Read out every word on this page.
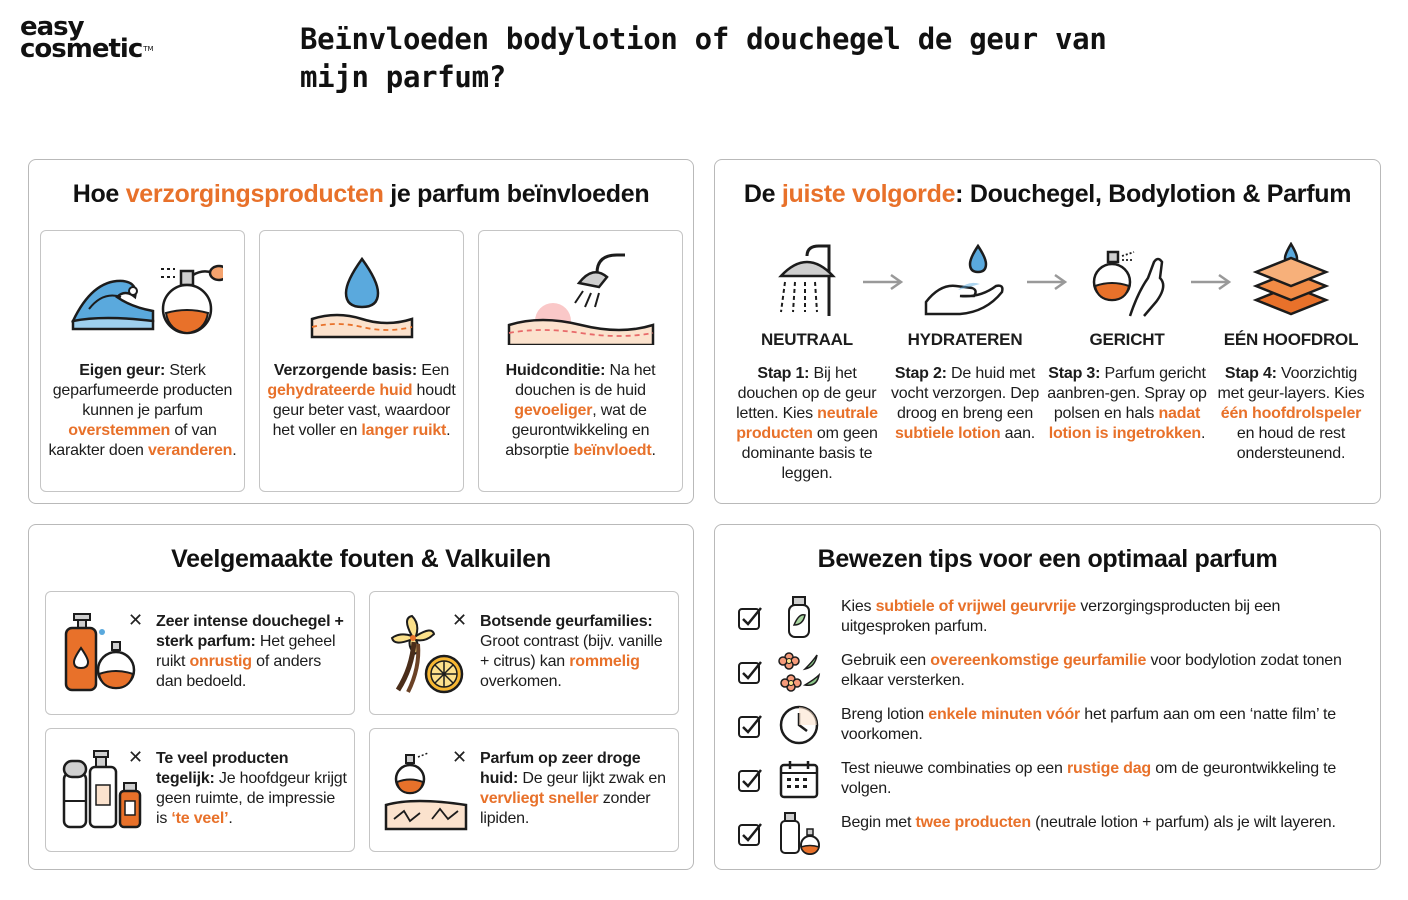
easy
cosmetic™	Beïnvloeden bodylotion of douchegel de geur van mijn parfum?
Hoe verzorgingsproducten je parfum beïnvloeden
Eigen geur: Sterk geparfumeerde producten kunnen je parfum overstemmen of van karakter doen veranderen.
Verzorgende basis: Een gehydrateerde huid houdt geur beter vast, waardoor het voller en langer ruikt.
Huidconditie: Na het douchen is de huid gevoeliger, wat de geurontwikkeling en absorptie beïnvloedt.
De juiste volgorde: Douchegel, Bodylotion & Parfum
NEUTRAAL
Stap 1: Bij het douchen op de geur letten. Kies neutrale producten om geen dominante basis te leggen.
HYDRATEREN
Stap 2: De huid met vocht verzorgen. Dep droog en breng een subtiele lotion aan.
GERICHT
Stap 3: Parfum gericht aanbren-gen. Spray op polsen en hals nadat lotion is ingetrokken.
EÉN HOOFDROL
Stap 4: Voorzichtig met geur-layers. Kies één hoofdrolspeler en houd de rest ondersteunend.
Veelgemaakte fouten & Valkuilen
✕ Zeer intense douchegel + sterk parfum: Het geheel ruikt onrustig of anders dan bedoeld.
✕ Botsende geurfamilies: Groot contrast (bijv. vanille + citrus) kan rommelig overkomen.
✕ Te veel producten tegelijk: Je hoofdgeur krijgt geen ruimte, de impressie is ‘te veel’.
✕ Parfum op zeer droge huid: De geur lijkt zwak en vervliegt sneller zonder lipiden.
Bewezen tips voor een optimaal parfum
Kies subtiele of vrijwel geurvrije verzorgingsproducten bij een uitgesproken parfum.
Gebruik een overeenkomstige geurfamilie voor bodylotion zodat tonen elkaar versterken.
Breng lotion enkele minuten vóór het parfum aan om een ‘natte film’ te voorkomen.
Test nieuwe combinaties op een rustige dag om de geurontwikkeling te volgen.
Begin met twee producten (neutrale lotion + parfum) als je wilt layeren.
